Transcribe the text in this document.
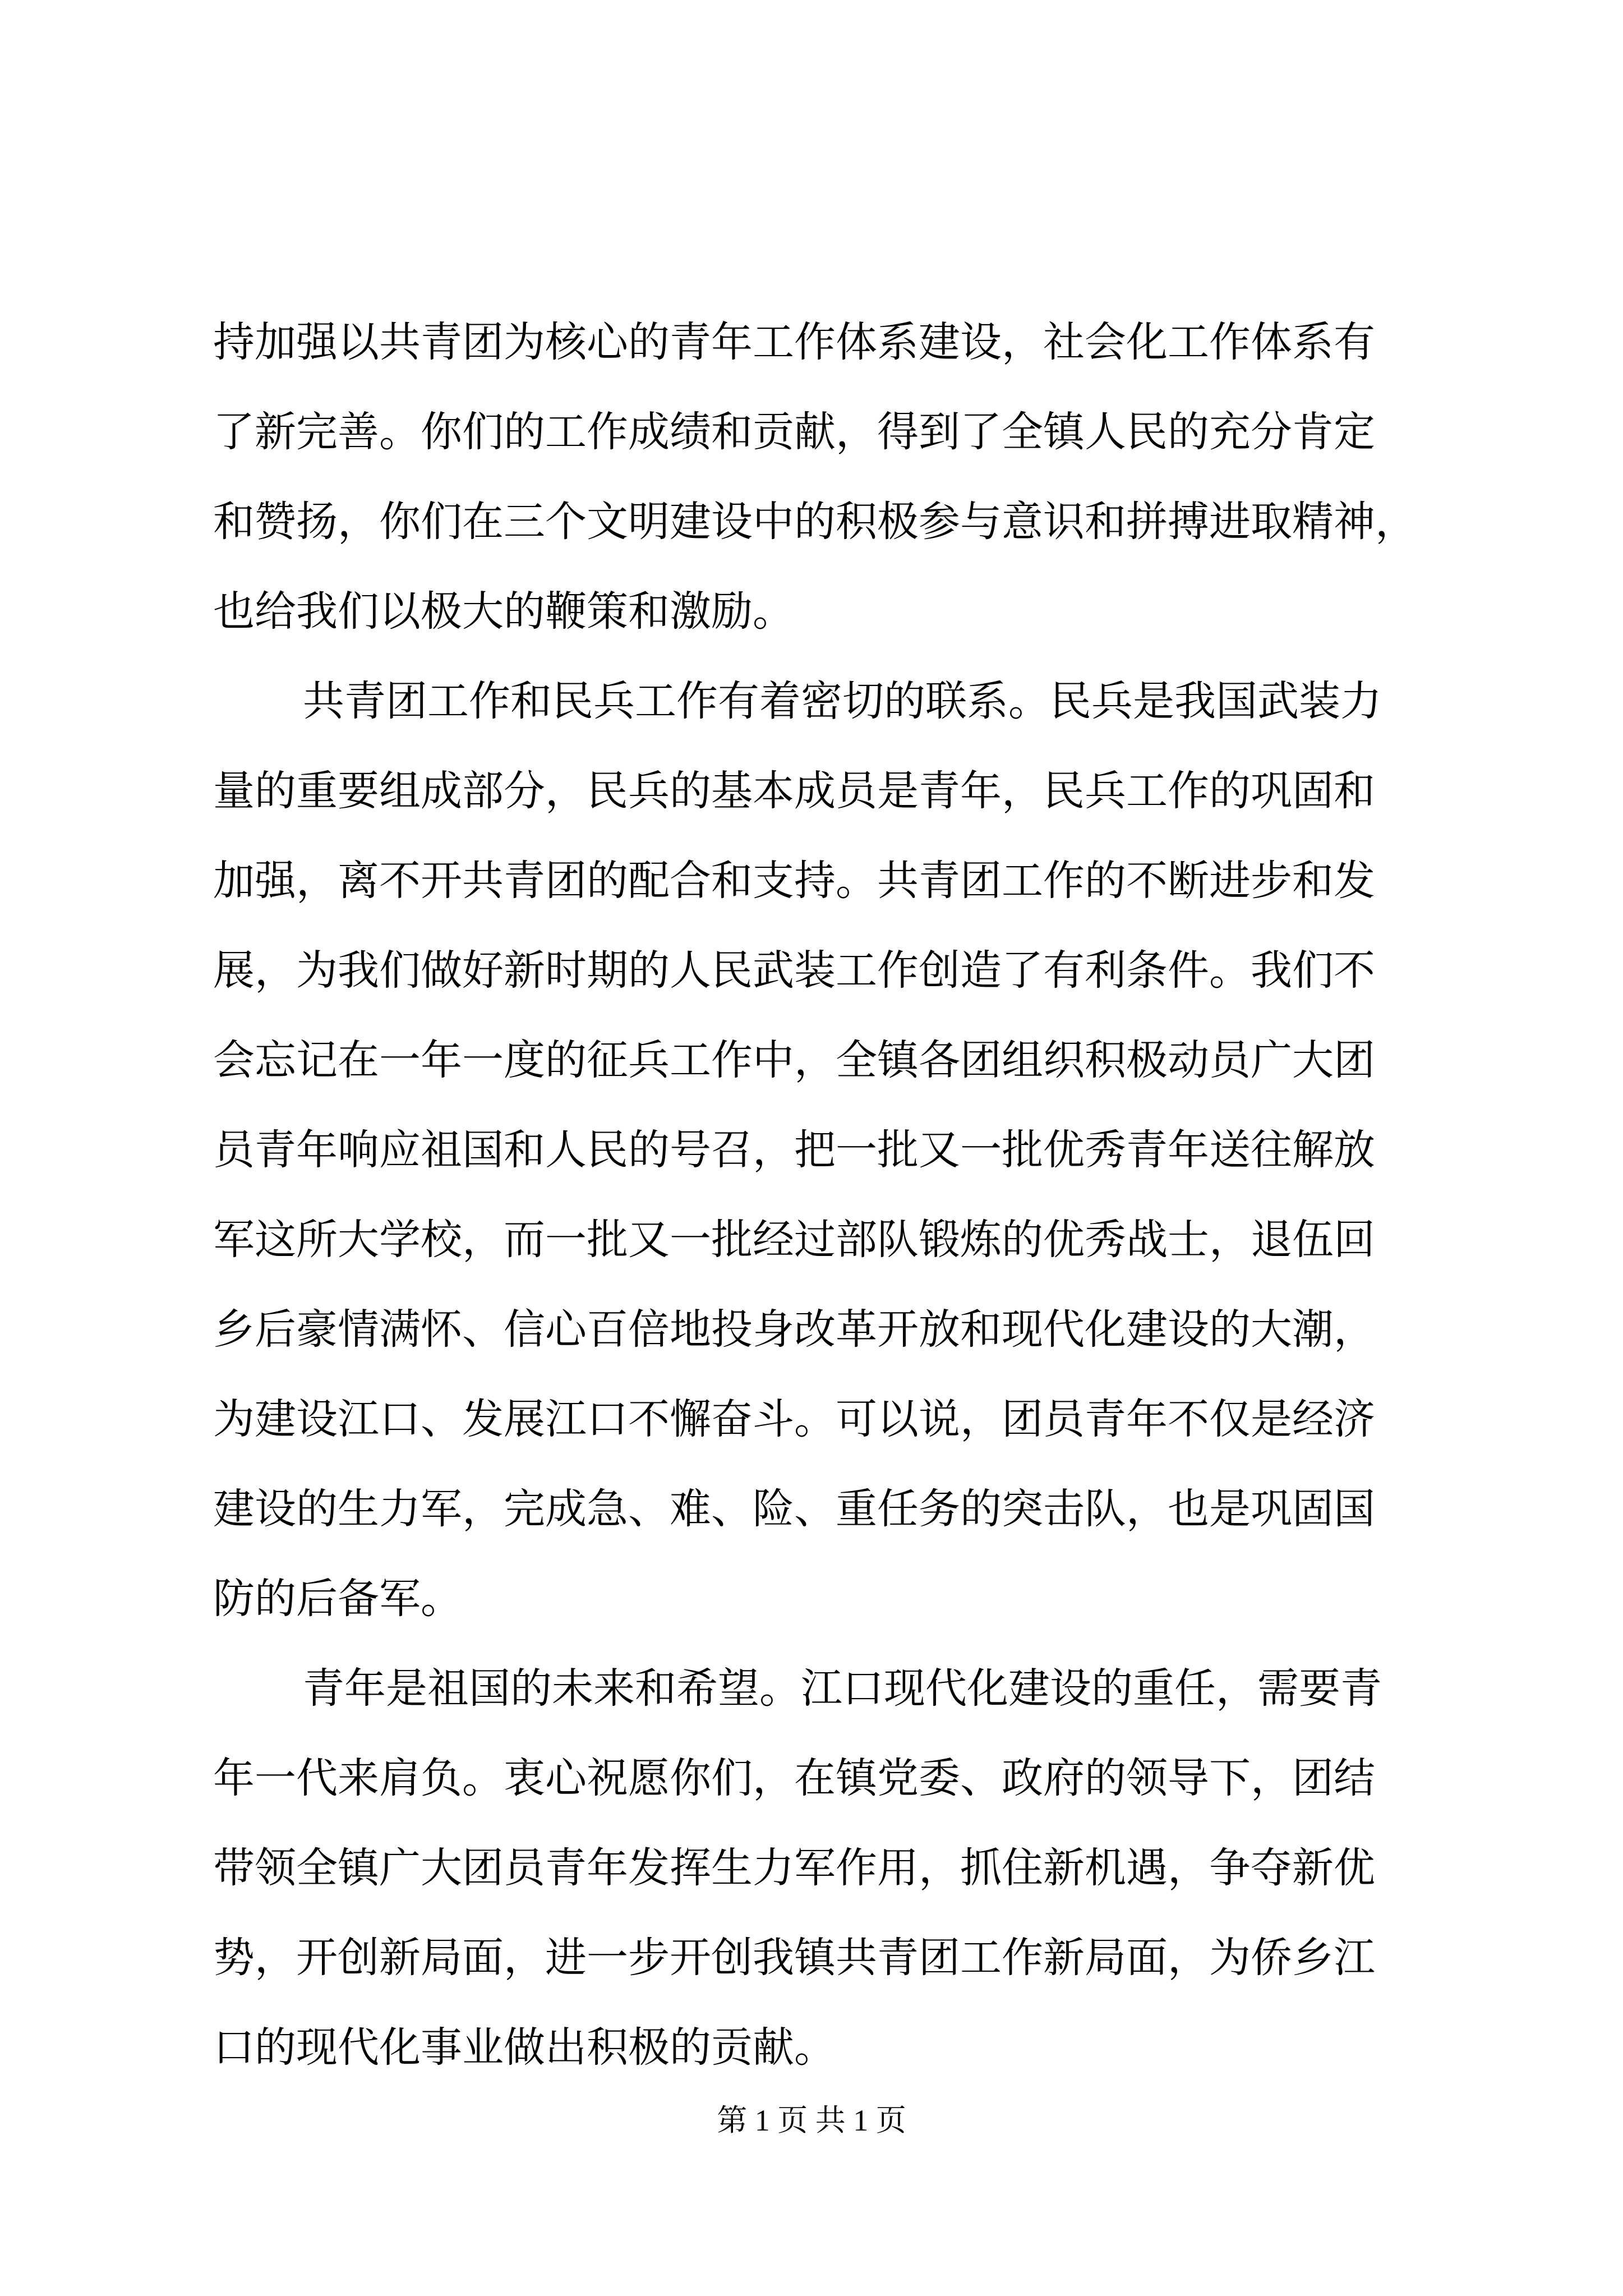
持加强以共青团为核心的青年工作体系建设，社会化工作体系有
了新完善。你们的工作成绩和贡献，得到了全镇人民的充分肯定
和赞扬，你们在三个文明建设中的积极参与意识和拼搏进取精神，
也给我们以极大的鞭策和激励。
共青团工作和民兵工作有着密切的联系。民兵是我国武装力
量的重要组成部分，民兵的基本成员是青年，民兵工作的巩固和
加强，离不开共青团的配合和支持。共青团工作的不断进步和发
展，为我们做好新时期的人民武装工作创造了有利条件。我们不
会忘记在一年一度的征兵工作中，全镇各团组织积极动员广大团
员青年响应祖国和人民的号召，把一批又一批优秀青年送往解放
军这所大学校，而一批又一批经过部队锻炼的优秀战士，退伍回
乡后豪情满怀、信心百倍地投身改革开放和现代化建设的大潮，
为建设江口、发展江口不懈奋斗。可以说，团员青年不仅是经济
建设的生力军，完成急、难、险、重任务的突击队，也是巩固国
防的后备军。
青年是祖国的未来和希望。江口现代化建设的重任，需要青
年一代来肩负。衷心祝愿你们，在镇党委、政府的领导下，团结
带领全镇广大团员青年发挥生力军作用，抓住新机遇，争夺新优
势，开创新局面，进一步开创我镇共青团工作新局面，为侨乡江
口的现代化事业做出积极的贡献。
第 1 页 共 1 页
